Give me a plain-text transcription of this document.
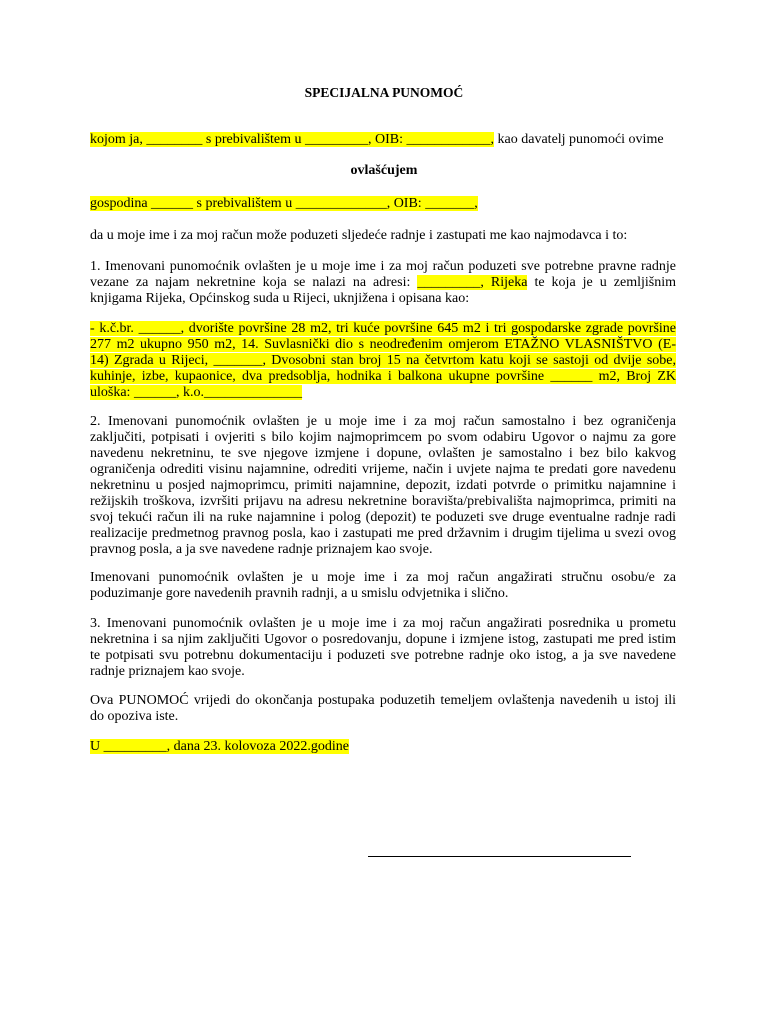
SPECIJALNA PUNOMOĆ
kojom ja, ________ s prebivalištem u _________, OIB: ____________, kao davatelj punomoći ovime
ovlašćujem
gospodina ______ s prebivalištem u _____________, OIB: _______,
da u moje ime i za moj račun može poduzeti sljedeće radnje i zastupati me kao najmodavca i to:
1. Imenovani punomoćnik ovlašten je u moje ime i za moj račun poduzeti sve potrebne pravne radnje
vezane za najam nekretnine koja se nalazi na adresi: _________, Rijeka te koja je u zemljišnim
knjigama Rijeka, Općinskog suda u Rijeci, uknjižena i opisana kao:
- k.č.br. ______, dvorište površine 28 m2, tri kuće površine 645 m2 i tri gospodarske zgrade površine
277 m2 ukupno 950 m2, 14. Suvlasnički dio s neodređenim omjerom ETAŽNO VLASNIŠTVO (E-
14) Zgrada u Rijeci, _______, Dvosobni stan broj 15 na četvrtom katu koji se sastoji od dvije sobe,
kuhinje, izbe, kupaonice, dva predsoblja, hodnika i balkona ukupne površine ______ m2, Broj ZK
uloška: ______, k.o.______________
2. Imenovani punomoćnik ovlašten je u moje ime i za moj račun samostalno i bez ograničenja
zaključiti, potpisati i ovjeriti s bilo kojim najmoprimcem po svom odabiru Ugovor o najmu za gore
navedenu nekretninu, te sve njegove izmjene i dopune, ovlašten je samostalno i bez bilo kakvog
ograničenja odrediti visinu najamnine, odrediti vrijeme, način i uvjete najma te predati gore navedenu
nekretninu u posjed najmoprimcu, primiti najamnine, depozit, izdati potvrde o primitku najamnine i
režijskih troškova, izvršiti prijavu na adresu nekretnine boravišta/prebivališta najmoprimca, primiti na
svoj tekući račun ili na ruke najamnine i polog (depozit) te poduzeti sve druge eventualne radnje radi
realizacije predmetnog pravnog posla, kao i zastupati me pred državnim i drugim tijelima u svezi ovog
pravnog posla, a ja sve navedene radnje priznajem kao svoje.
Imenovani punomoćnik ovlašten je u moje ime i za moj račun angažirati stručnu osobu/e za
poduzimanje gore navedenih pravnih radnji, a u smislu odvjetnika i slično.
3. Imenovani punomoćnik ovlašten je u moje ime i za moj račun angažirati posrednika u prometu
nekretnina i sa njim zaključiti Ugovor o posredovanju, dopune i izmjene istog, zastupati me pred istim
te potpisati svu potrebnu dokumentaciju i poduzeti sve potrebne radnje oko istog, a ja sve navedene
radnje priznajem kao svoje.
Ova PUNOMOĆ vrijedi do okončanja postupaka poduzetih temeljem ovlaštenja navedenih u istoj ili
do opoziva iste.
U _________, dana 23. kolovoza 2022.godine
